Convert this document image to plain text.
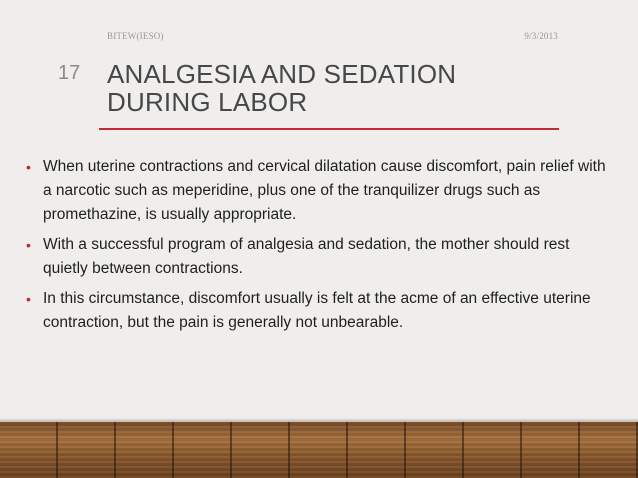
BITEW(IESO)	9/3/2013
17 ANALGESIA AND SEDATION
DURING LABOR
• When uterine contractions and cervical dilatation cause discomfort, pain relief with a narcotic such as meperidine, plus one of the tranquilizer drugs such as promethazine, is usually appropriate.
• With a successful program of analgesia and sedation, the mother should rest quietly between contractions.
• In this circumstance, discomfort usually is felt at the acme of an effective uterine contraction, but the pain is generally not unbearable.
